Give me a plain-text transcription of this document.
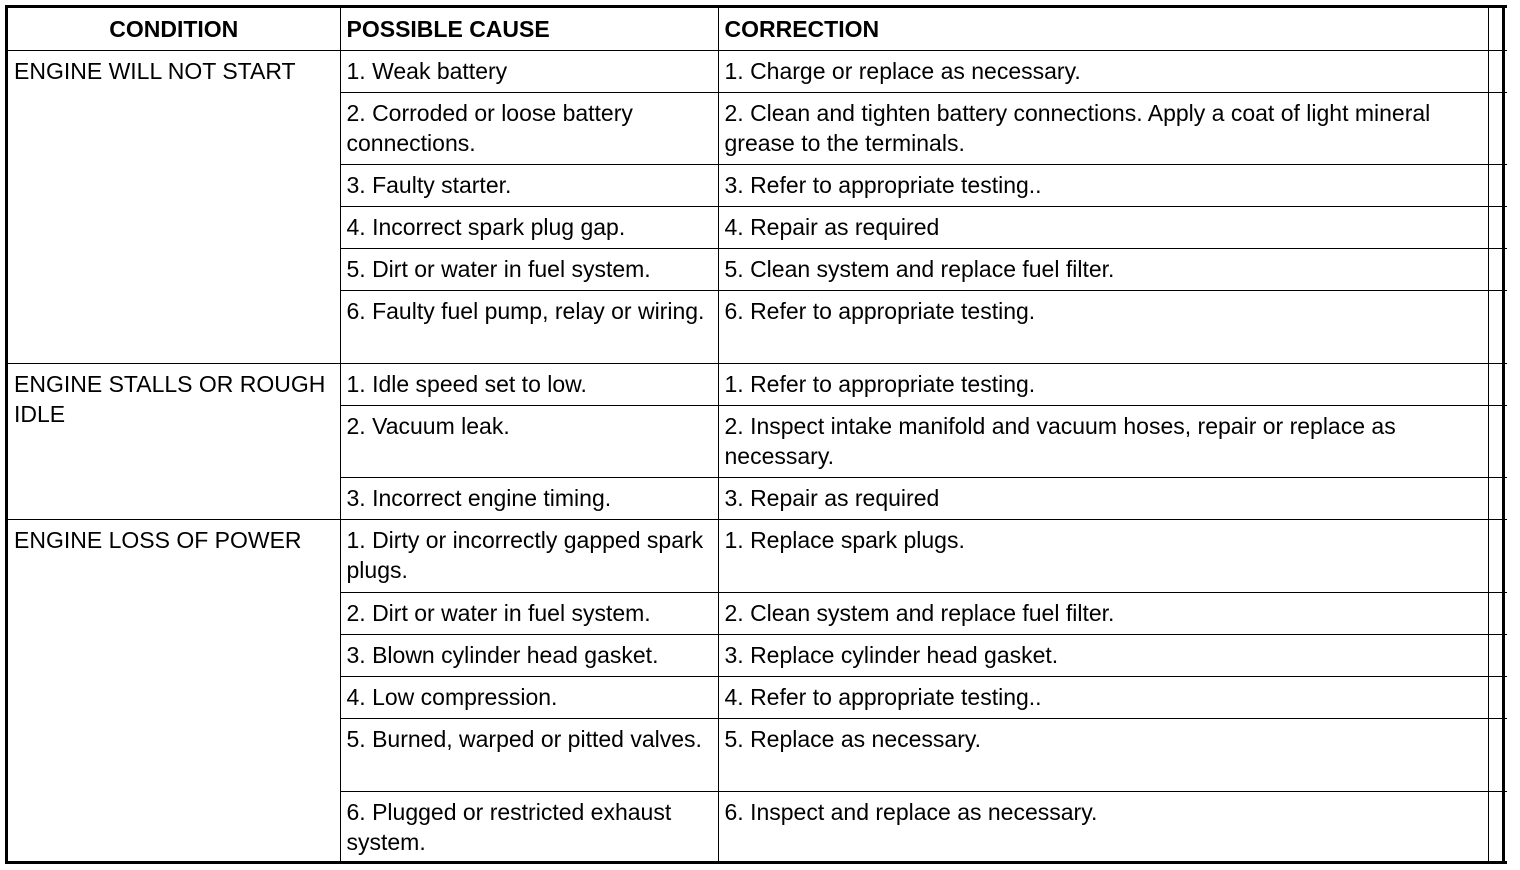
CONDITION	POSSIBLE CAUSE	CORRECTION	
ENGINE WILL NOT START	1. Weak battery	1. Charge or replace as necessary.	
	2. Corroded or loose battery connections.	2. Clean and tighten battery connections. Apply a coat of light mineral grease to the terminals.	
	3. Faulty starter.	3. Refer to appropriate testing..	
	4. Incorrect spark plug gap.	4. Repair as required	
	5. Dirt or water in fuel system.	5. Clean system and replace fuel filter.	
	6. Faulty fuel pump, relay or wiring.	6. Refer to appropriate testing.	
ENGINE STALLS OR ROUGH IDLE	1. Idle speed set to low.	1. Refer to appropriate testing.	
	2. Vacuum leak.	2. Inspect intake manifold and vacuum hoses, repair or replace as necessary.	
	3. Incorrect engine timing.	3. Repair as required	
ENGINE LOSS OF POWER	1. Dirty or incorrectly gapped spark plugs.	1. Replace spark plugs.	
	2. Dirt or water in fuel system.	2. Clean system and replace fuel filter.	
	3. Blown cylinder head gasket.	3. Replace cylinder head gasket.	
	4. Low compression.	4. Refer to appropriate testing..	
	5. Burned, warped or pitted valves.	5. Replace as necessary.	
	6. Plugged or restricted exhaust system.	6. Inspect and replace as necessary.	
